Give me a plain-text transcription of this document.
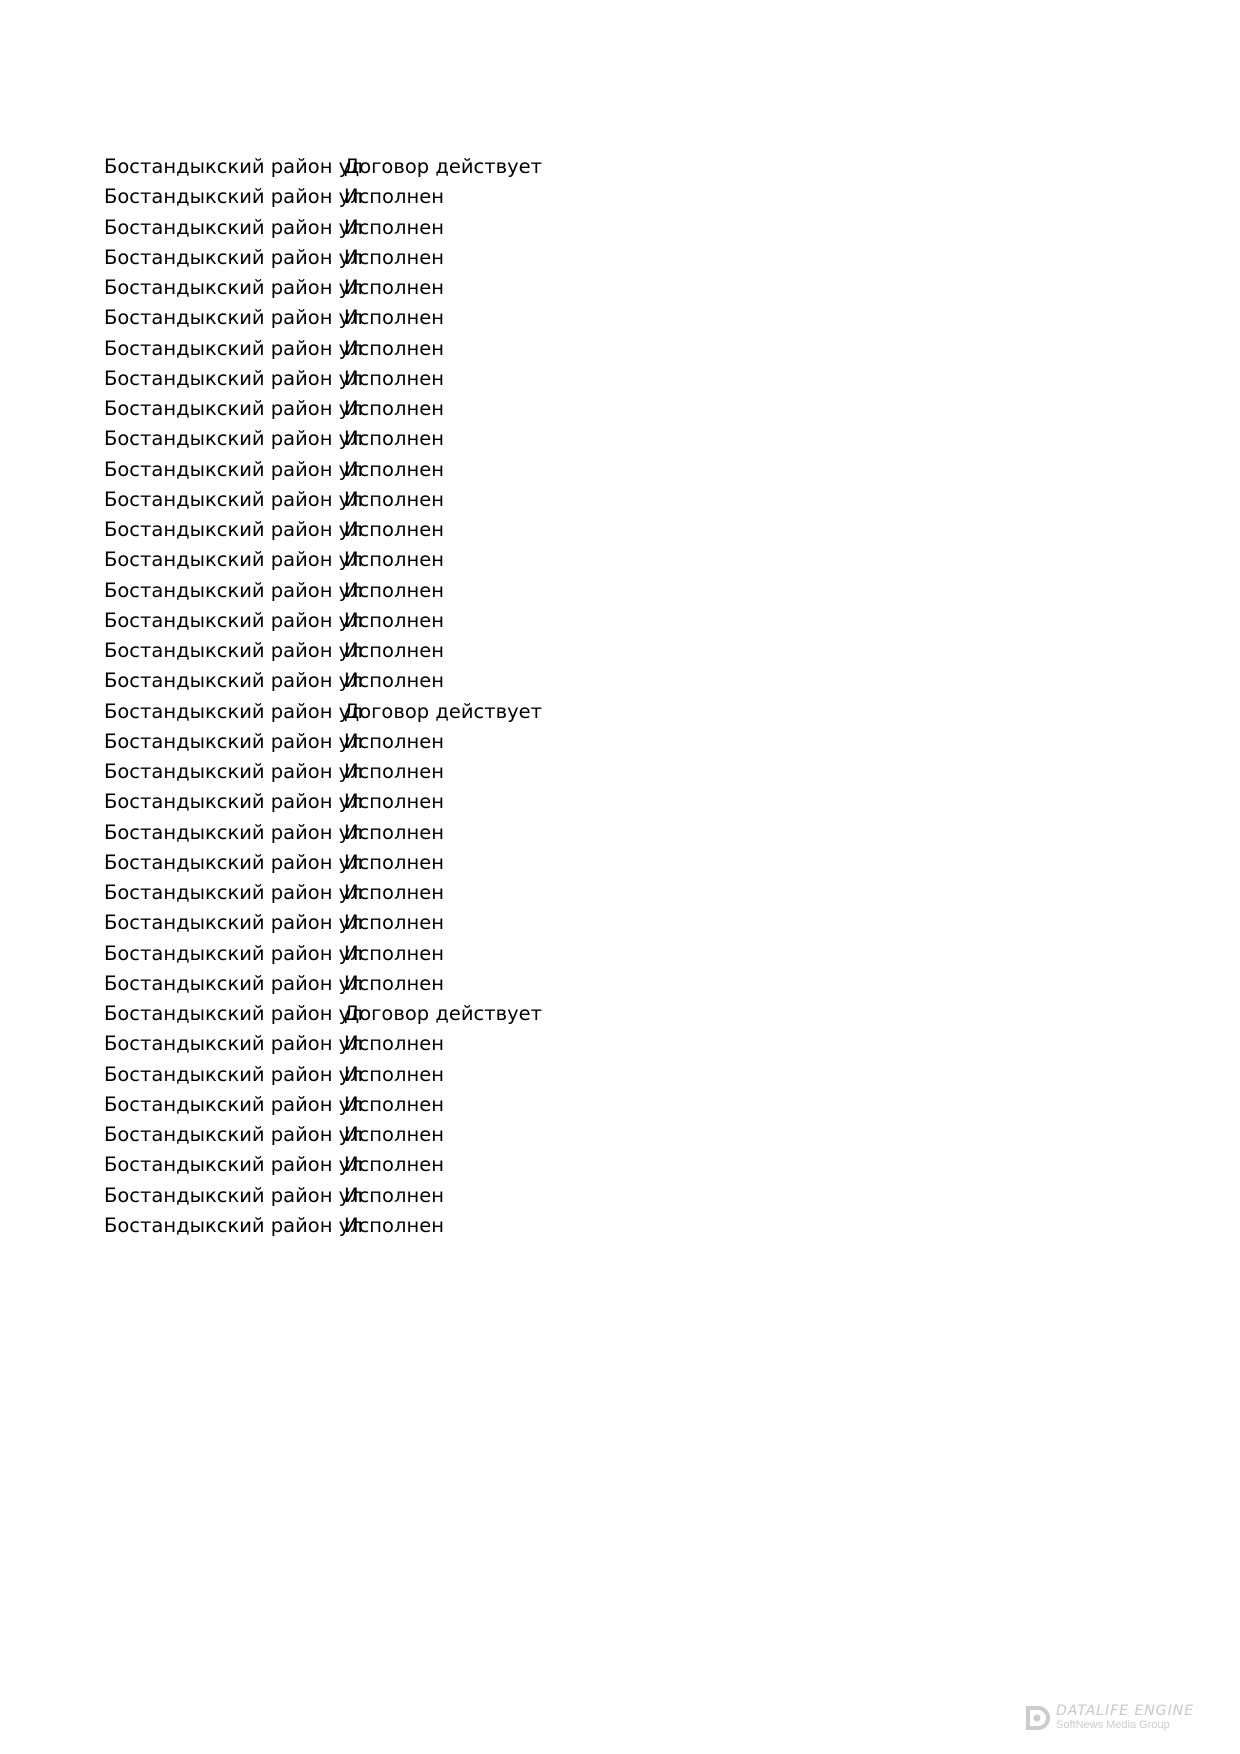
Бостандыкский район ул
Договор действует
Бостандыкский район ул
Исполнен
Бостандыкский район ул
Исполнен
Бостандыкский район ул
Исполнен
Бостандыкский район ул
Исполнен
Бостандыкский район ул
Исполнен
Бостандыкский район ул
Исполнен
Бостандыкский район ул
Исполнен
Бостандыкский район ул
Исполнен
Бостандыкский район ул
Исполнен
Бостандыкский район ул
Исполнен
Бостандыкский район ул
Исполнен
Бостандыкский район ул
Исполнен
Бостандыкский район ул
Исполнен
Бостандыкский район ул
Исполнен
Бостандыкский район ул
Исполнен
Бостандыкский район ул
Исполнен
Бостандыкский район ул
Исполнен
Бостандыкский район ул
Договор действует
Бостандыкский район ул
Исполнен
Бостандыкский район ул
Исполнен
Бостандыкский район ул
Исполнен
Бостандыкский район ул
Исполнен
Бостандыкский район ул
Исполнен
Бостандыкский район ул
Исполнен
Бостандыкский район ул
Исполнен
Бостандыкский район ул
Исполнен
Бостандыкский район ул
Исполнен
Бостандыкский район ул
Договор действует
Бостандыкский район ул
Исполнен
Бостандыкский район ул
Исполнен
Бостандыкский район ул
Исполнен
Бостандыкский район ул
Исполнен
Бостандыкский район ул
Исполнен
Бостандыкский район ул
Исполнен
Бостандыкский район ул
Исполнен
DATALIFE ENGINE
SoftNews Media Group
